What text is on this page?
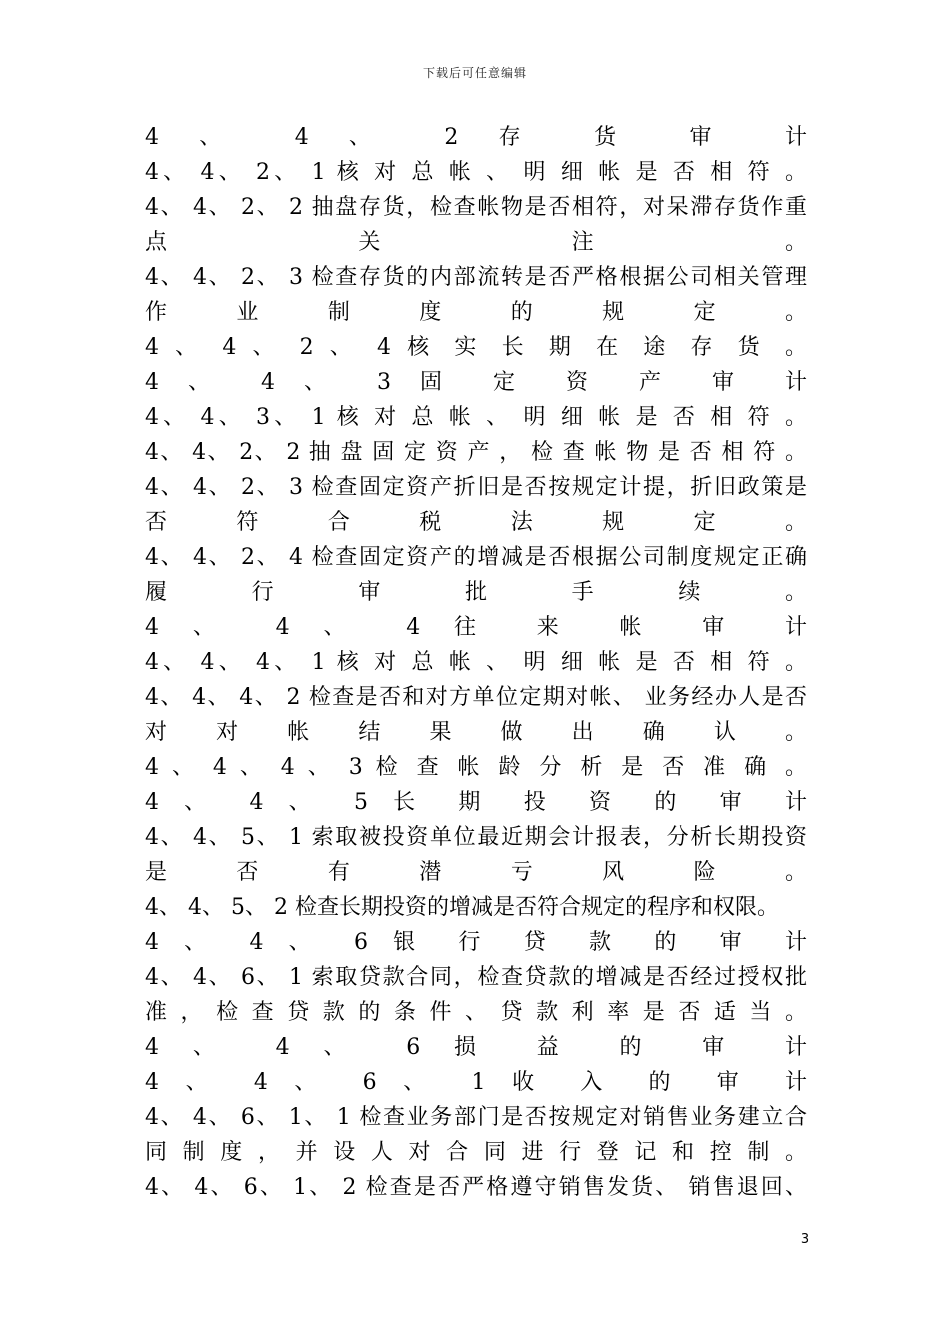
下载后可任意编辑
4 、 4 、 2 存 货 审 计
4、 4、 2、 1 核 对 总 帐 、 明 细 帐 是 否 相 符 。
4、 4、 2、 2 抽盘存货，检查帐物是否相符，对呆滞存货作重
点 关 注 。
4、 4、 2、 3 检查存货的内部流转是否严格根据公司相关管理
作 业 制 度 的 规 定 。
4 、 4 、 2 、 4 核 实 长 期 在 途 存 货 。
4 、 4 、 3 固 定 资 产 审 计
4、 4、 3、 1 核 对 总 帐 、 明 细 帐 是 否 相 符 。
4、 4、 2、 2 抽 盘 固 定 资 产 ， 检 查 帐 物 是 否 相 符 。
4、 4、 2、 3 检查固定资产折旧是否按规定计提，折旧政策是
否 符 合 税 法 规 定 。
4、 4、 2、 4 检查固定资产的增减是否根据公司制度规定正确
履 行 审 批 手 续 。
4 、 4 、 4 往 来 帐 审 计
4、 4、 4、 1 核 对 总 帐 、 明 细 帐 是 否 相 符 。
4、 4、 4、 2 检查是否和对方单位定期对帐、 业务经办人是否
对 对 帐 结 果 做 出 确 认 。
4 、 4 、 4 、 3 检 查 帐 龄 分 析 是 否 准 确 。
4 、 4 、 5 长 期 投 资 的 审 计
4、 4、 5、 1 索取被投资单位最近期会计报表，分析长期投资
是 否 有 潜 亏 风 险 。
4、 4、 5、 2 检查长期投资的增减是否符合规定的程序和权限。
4 、 4 、 6 银 行 贷 款 的 审 计
4、 4、 6、 1 索取贷款合同，检查贷款的增减是否经过授权批
准 ， 检 查 贷 款 的 条 件 、 贷 款 利 率 是 否 适 当 。
4 、 4 、 6 损 益 的 审 计
4 、 4 、 6 、 1 收 入 的 审 计
4、 4、 6、 1、 1 检查业务部门是否按规定对销售业务建立合
同 制 度 ， 并 设 人 对 合 同 进 行 登 记 和 控 制 。
4、 4、 6、 1、 2 检查是否严格遵守销售发货、 销售退回、
3
